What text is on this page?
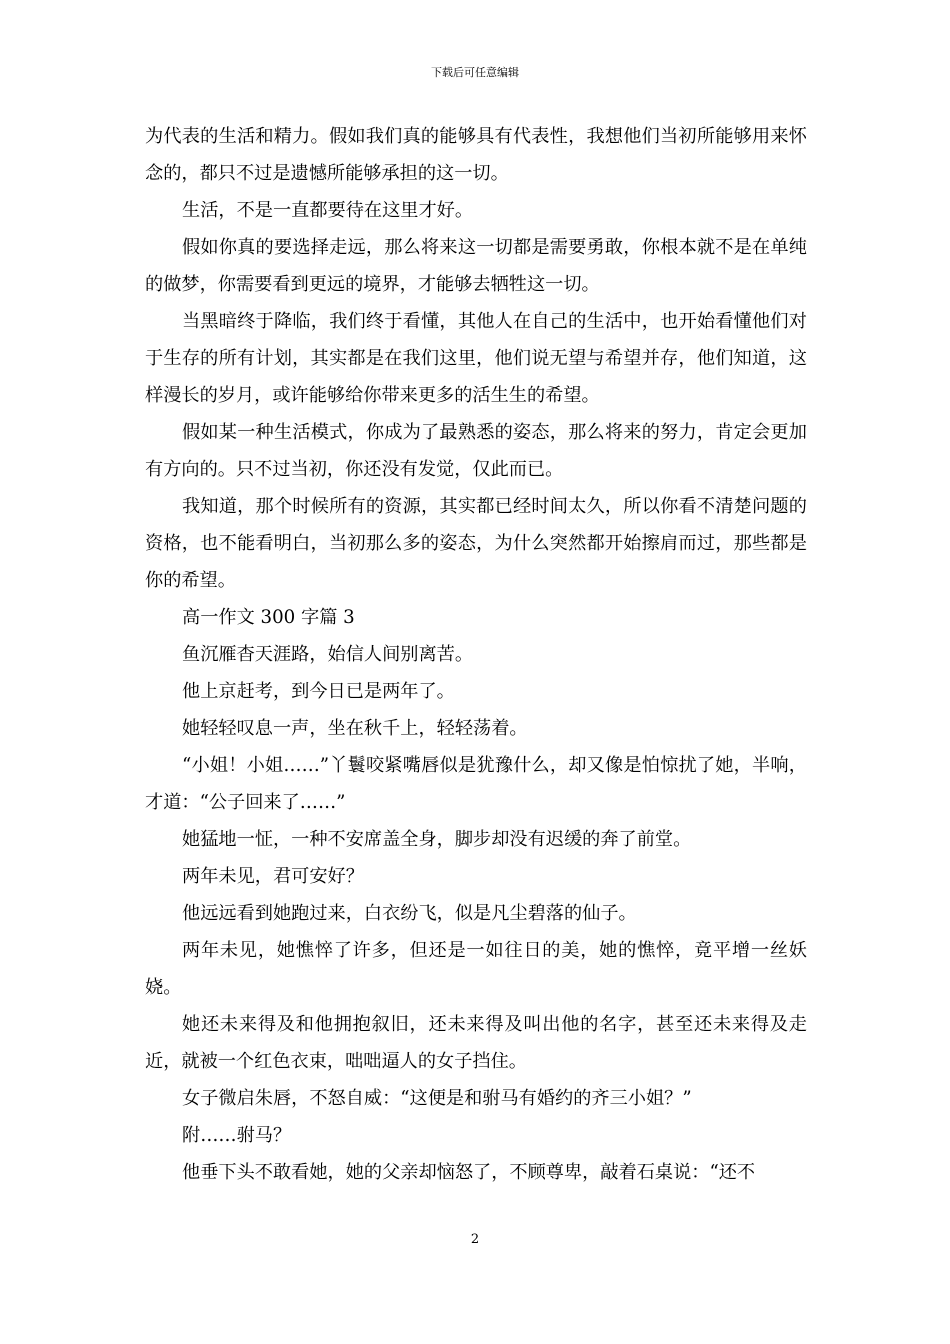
下载后可任意编辑

为代表的生活和精力。假如我们真的能够具有代表性，我想他们当初所能够用来怀念的，都只不过是遗憾所能够承担的这一切。

生活，不是一直都要待在这里才好。

假如你真的要选择走远，那么将来这一切都是需要勇敢，你根本就不是在单纯的做梦，你需要看到更远的境界，才能够去牺牲这一切。

当黑暗终于降临，我们终于看懂，其他人在自己的生活中，也开始看懂他们对于生存的所有计划，其实都是在我们这里，他们说无望与希望并存，他们知道，这样漫长的岁月，或许能够给你带来更多的活生生的希望。

假如某一种生活模式，你成为了最熟悉的姿态，那么将来的努力，肯定会更加有方向的。只不过当初，你还没有发觉，仅此而已。

我知道，那个时候所有的资源，其实都已经时间太久，所以你看不清楚问题的资格，也不能看明白，当初那么多的姿态，为什么突然都开始擦肩而过，那些都是你的希望。

高一作文 300 字篇 3

鱼沉雁杳天涯路，始信人间别离苦。

他上京赶考，到今日已是两年了。

她轻轻叹息一声，坐在秋千上，轻轻荡着。

“小姐！小姐……”丫鬟咬紧嘴唇似是犹豫什么，却又像是怕惊扰了她，半响，才道：“公子回来了……”

她猛地一怔，一种不安席盖全身，脚步却没有迟缓的奔了前堂。

两年未见，君可安好？

他远远看到她跑过来，白衣纷飞，似是凡尘碧落的仙子。

两年未见，她憔悴了许多，但还是一如往日的美，她的憔悴，竟平增一丝妖娆。

她还未来得及和他拥抱叙旧，还未来得及叫出他的名字，甚至还未来得及走近，就被一个红色衣束，咄咄逼人的女子挡住。

女子微启朱唇，不怒自威：“这便是和驸马有婚约的齐三小姐？”

附……驸马？

他垂下头不敢看她，她的父亲却恼怒了，不顾尊卑，敲着石桌说：“还不

2
